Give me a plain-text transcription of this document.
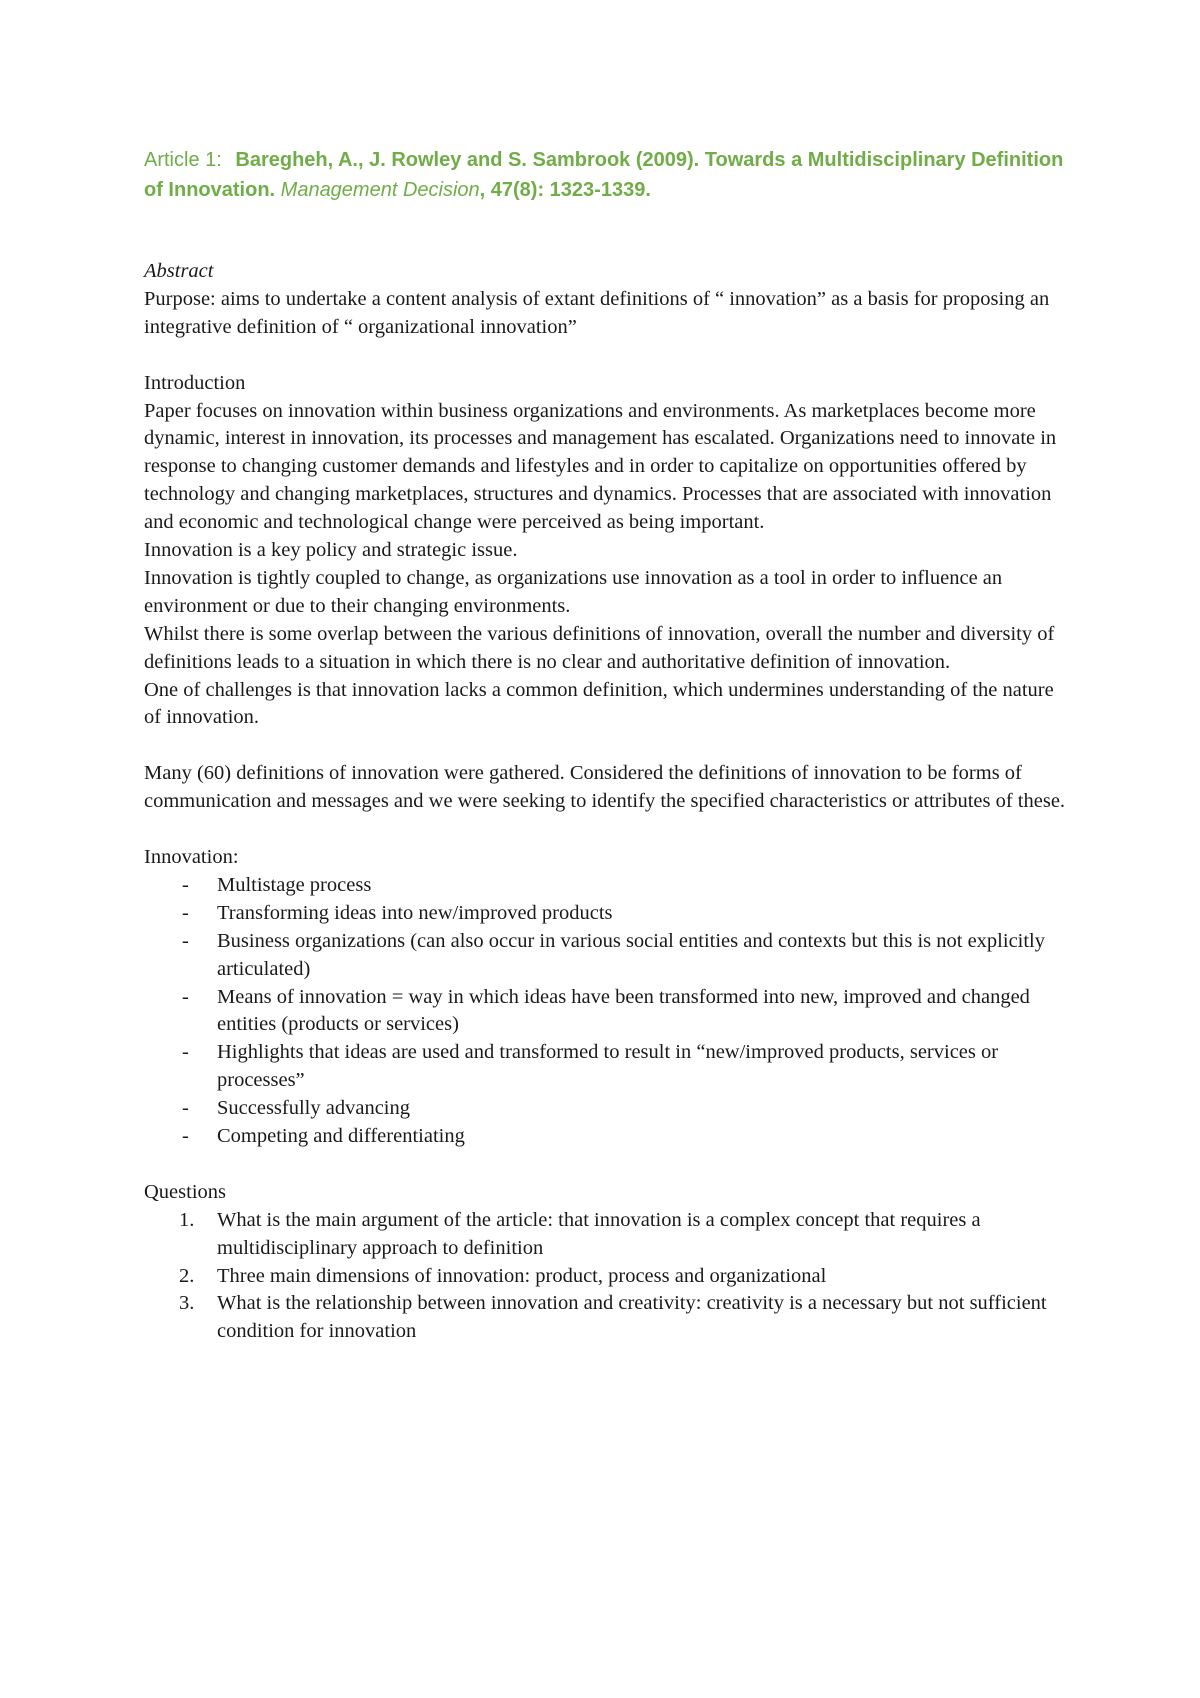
Article 1: Baregheh, A., J. Rowley and S. Sambrook (2009). Towards a Multidisciplinary Definition of Innovation. Management Decision, 47(8): 1323-1339.

Abstract

Purpose: aims to undertake a content analysis of extant definitions of “ innovation” as a basis for proposing an integrative definition of “ organizational innovation”

Introduction

Paper focuses on innovation within business organizations and environments. As marketplaces become more dynamic, interest in innovation, its processes and management has escalated. Organizations need to innovate in response to changing customer demands and lifestyles and in order to capitalize on opportunities offered by technology and changing marketplaces, structures and dynamics. Processes that are associated with innovation and economic and technological change were perceived as being important.

Innovation is a key policy and strategic issue.

Innovation is tightly coupled to change, as organizations use innovation as a tool in order to influence an environment or due to their changing environments.

Whilst there is some overlap between the various definitions of innovation, overall the number and diversity of definitions leads to a situation in which there is no clear and authoritative definition of innovation.

One of challenges is that innovation lacks a common definition, which undermines understanding of the nature of innovation.

Many (60) definitions of innovation were gathered. Considered the definitions of innovation to be forms of communication and messages and we were seeking to identify the specified characteristics or attributes of these.

Innovation:
- Multistage process
- Transforming ideas into new/improved products
- Business organizations (can also occur in various social entities and contexts but this is not explicitly articulated)
- Means of innovation = way in which ideas have been transformed into new, improved and changed entities (products or services)
- Highlights that ideas are used and transformed to result in “new/improved products, services or processes”
- Successfully advancing
- Competing and differentiating
Questions
1. What is the main argument of the article: that innovation is a complex concept that requires a multidisciplinary approach to definition
2. Three main dimensions of innovation: product, process and organizational
3. What is the relationship between innovation and creativity: creativity is a necessary but not sufficient condition for innovation
